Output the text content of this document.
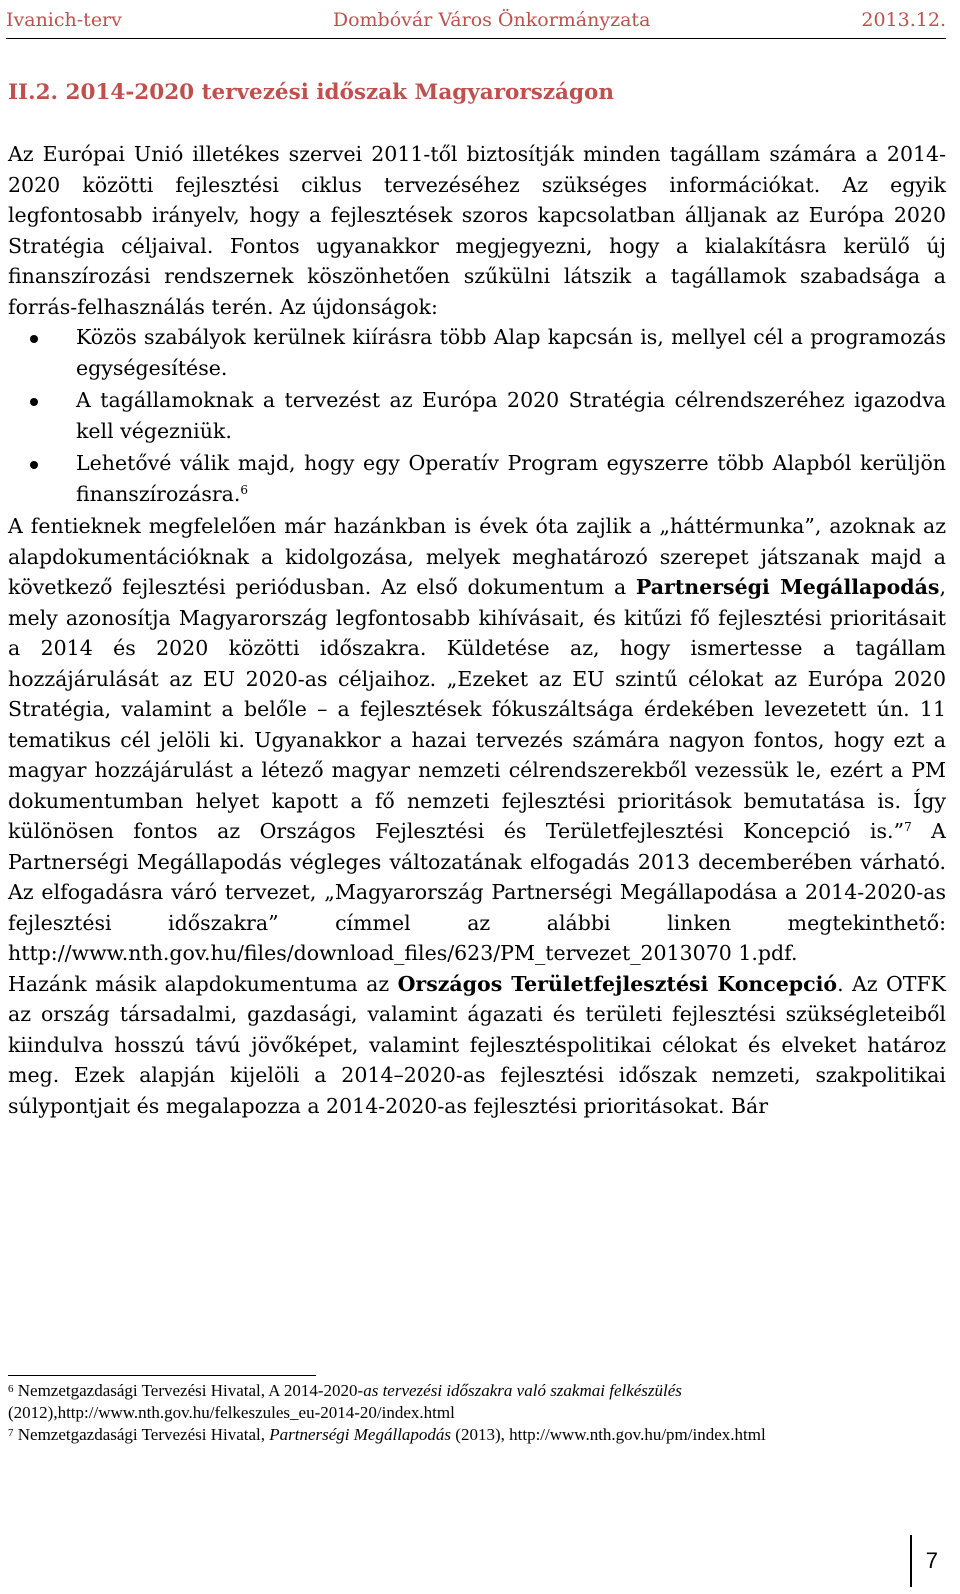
Ivanich-terv	Dombóvár Város Önkormányzata	2013.12.
II.2. 2014-2020 tervezési időszak Magyarországon

Az Európai Unió illetékes szervei 2011-től biztosítják minden tagállam számára a 2014-2020 közötti fejlesztési ciklus tervezéséhez szükséges információkat. Az egyik legfontosabb irányelv, hogy a fejlesztések szoros kapcsolatban álljanak az Európa 2020 Stratégia céljaival. Fontos ugyanakkor megjegyezni, hogy a kialakításra kerülő új finanszírozási rendszernek köszönhetően szűkülni látszik a tagállamok szabadsága a forrás-felhasználás terén. Az újdonságok:

Közös szabályok kerülnek kiírásra több Alap kapcsán is, mellyel cél a programozás egységesítése.
A tagállamoknak a tervezést az Európa 2020 Stratégia célrendszeréhez igazodva kell végezniük.
Lehetővé válik majd, hogy egy Operatív Program egyszerre több Alapból kerüljön finanszírozásra.$^6$

A fentieknek megfelelően már hazánkban is évek óta zajlik a „háttérmunka”, azoknak az alapdokumentációknak a kidolgozása, melyek meghatározó szerepet játszanak majd a következő fejlesztési periódusban. Az első dokumentum a Partnerségi Megállapodás, mely azonosítja Magyarország legfontosabb kihívásait, és kitűzi fő fejlesztési prioritásait a 2014 és 2020 közötti időszakra. Küldetése az, hogy ismertesse a tagállam hozzájárulását az EU 2020-as céljaihoz. „Ezeket az EU szintű célokat az Európa 2020 Stratégia, valamint a belőle – a fejlesztések fókuszáltsága érdekében levezetett ún. 11 tematikus cél jelöli ki. Ugyanakkor a hazai tervezés számára nagyon fontos, hogy ezt a magyar hozzájárulást a létező magyar nemzeti célrendszerekből vezessük le, ezért a PM dokumentumban helyet kapott a fő nemzeti fejlesztési prioritások bemutatása is. Így különösen fontos az Országos Fejlesztési és Területfejlesztési Koncepció is.”$^7$ A Partnerségi Megállapodás végleges változatának elfogadás 2013 decemberében várható. Az elfogadásra váró tervezet, „Magyarország Partnerségi Megállapodása a 2014-2020-as fejlesztési időszakra” címmel az alábbi linken megtekinthető: http://www.nth.gov.hu/files/download_files/623/PM_tervezet_2013070 1.pdf.

Hazánk másik alapdokumentuma az Országos Területfejlesztési Koncepció. Az OTFK az ország társadalmi, gazdasági, valamint ágazati és területi fejlesztési szükségleteiből kiindulva hosszú távú jövőképet, valamint fejlesztéspolitikai célokat és elveket határoz meg. Ezek alapján kijelöli a 2014–2020-as fejlesztési időszak nemzeti, szakpolitikai súlypontjait és megalapozza a 2014-2020-as fejlesztési prioritásokat. Bár

$^6$ Nemzetgazdasági Tervezési Hivatal, A 2014-2020-as tervezési időszakra való szakmai felkészülés (2012),http://www.nth.gov.hu/felkeszules_eu-2014-20/index.html

$^7$ Nemzetgazdasági Tervezési Hivatal, Partnerségi Megállapodás (2013), http://www.nth.gov.hu/pm/index.html

7
